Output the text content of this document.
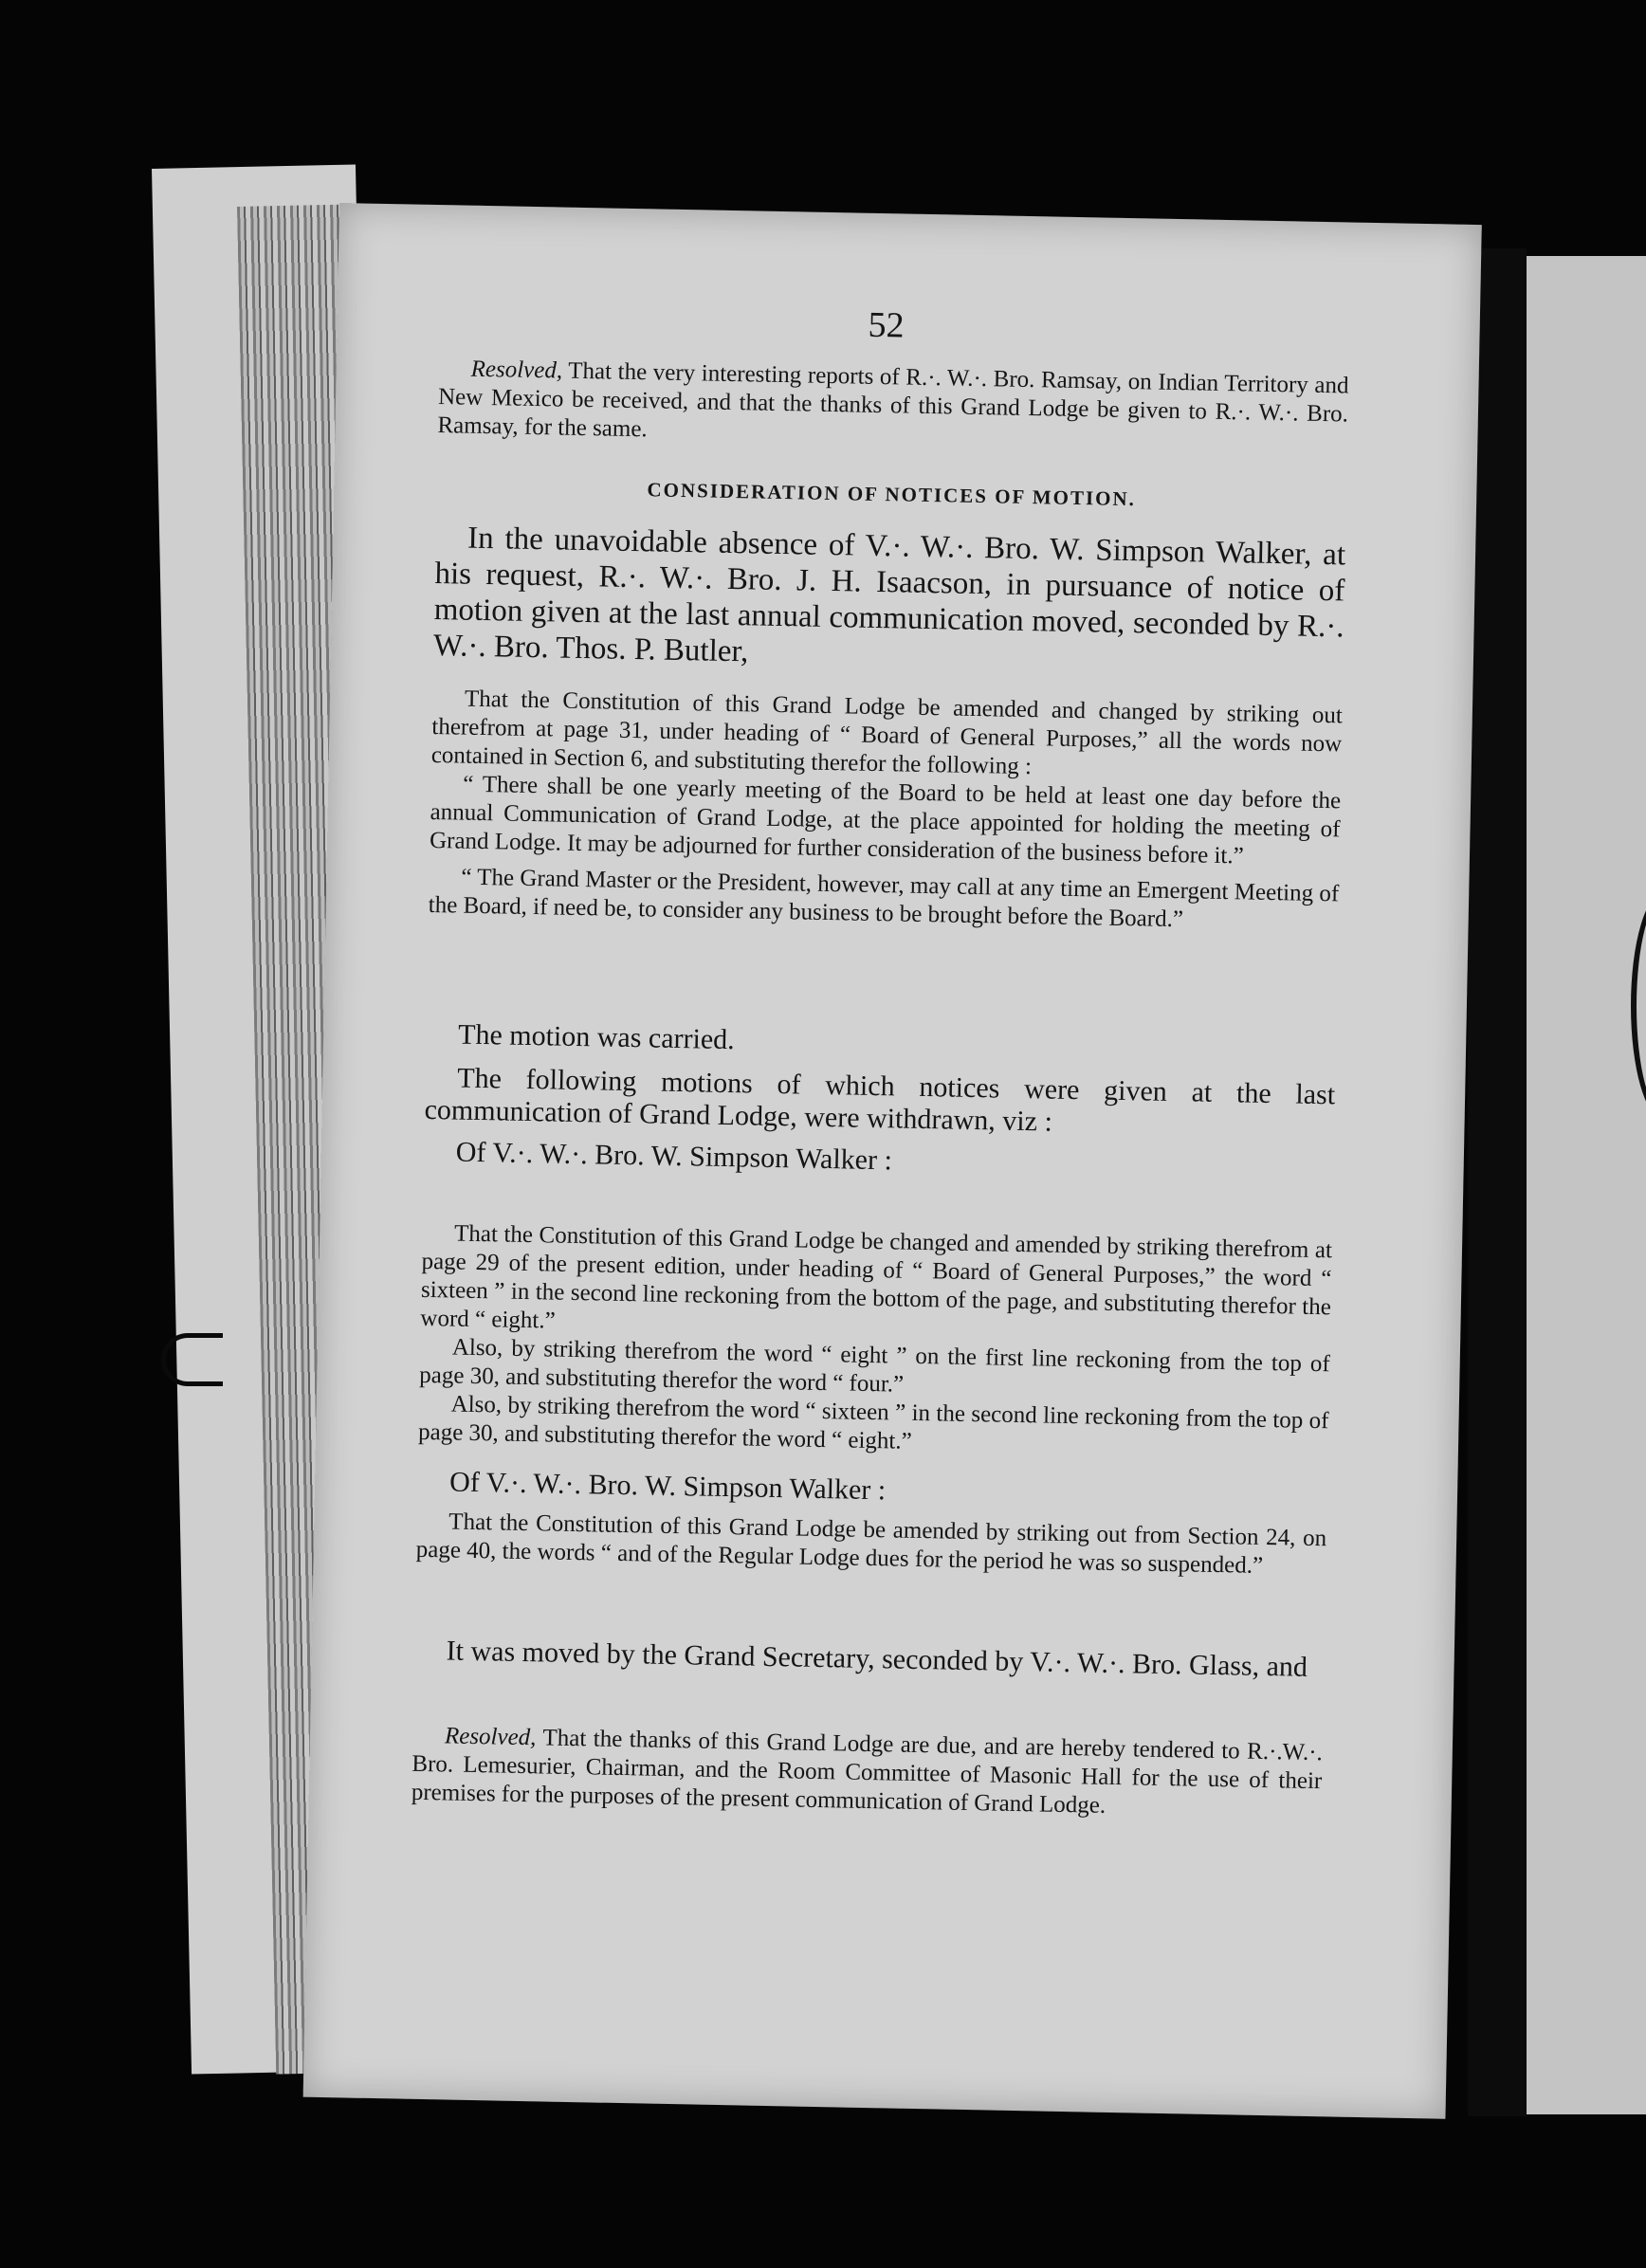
52

Resolved, That the very interesting reports of R.·. W.·. Bro. Ramsay, on Indian Territory and New Mexico be received, and that the thanks of this Grand Lodge be given to R.·. W.·. Bro. Ramsay, for the same.

CONSIDERATION OF NOTICES OF MOTION.

In the unavoidable absence of V.·. W.·. Bro. W. Simpson Walker, at his request, R.·. W.·. Bro. J. H. Isaacson, in pursuance of notice of motion given at the last annual communication moved, seconded by R.·. W.·. Bro. Thos. P. Butler,

That the Constitution of this Grand Lodge be amended and changed by striking out therefrom at page 31, under heading of “ Board of General Purposes,” all the words now contained in Section 6, and substituting therefor the following :

“ There shall be one yearly meeting of the Board to be held at least one day before the annual Communication of Grand Lodge, at the place appointed for holding the meeting of Grand Lodge. It may be adjourned for further consideration of the business before it.”

“ The Grand Master or the President, however, may call at any time an Emergent Meeting of the Board, if need be, to consider any business to be brought before the Board.”

The motion was carried.

The following motions of which notices were given at the last communication of Grand Lodge, were withdrawn, viz :

Of V.·. W.·. Bro. W. Simpson Walker :

That the Constitution of this Grand Lodge be changed and amended by striking therefrom at page 29 of the present edition, under heading of “ Board of General Purposes,” the word “ sixteen ” in the second line reckoning from the bottom of the page, and substituting therefor the word “ eight.”

Also, by striking therefrom the word “ eight ” on the first line reckoning from the top of page 30, and substituting therefor the word “ four.”

Also, by striking therefrom the word “ sixteen ” in the second line reckoning from the top of page 30, and substituting therefor the word “ eight.”

Of V.·. W.·. Bro. W. Simpson Walker :

That the Constitution of this Grand Lodge be amended by striking out from Section 24, on page 40, the words “ and of the Regular Lodge dues for the period he was so suspended.”

It was moved by the Grand Secretary, seconded by V.·. W.·. Bro. Glass, and

Resolved, That the thanks of this Grand Lodge are due, and are hereby tendered to R.·.W.·. Bro. Lemesurier, Chairman, and the Room Committee of Masonic Hall for the use of their premises for the purposes of the present communication of Grand Lodge.
